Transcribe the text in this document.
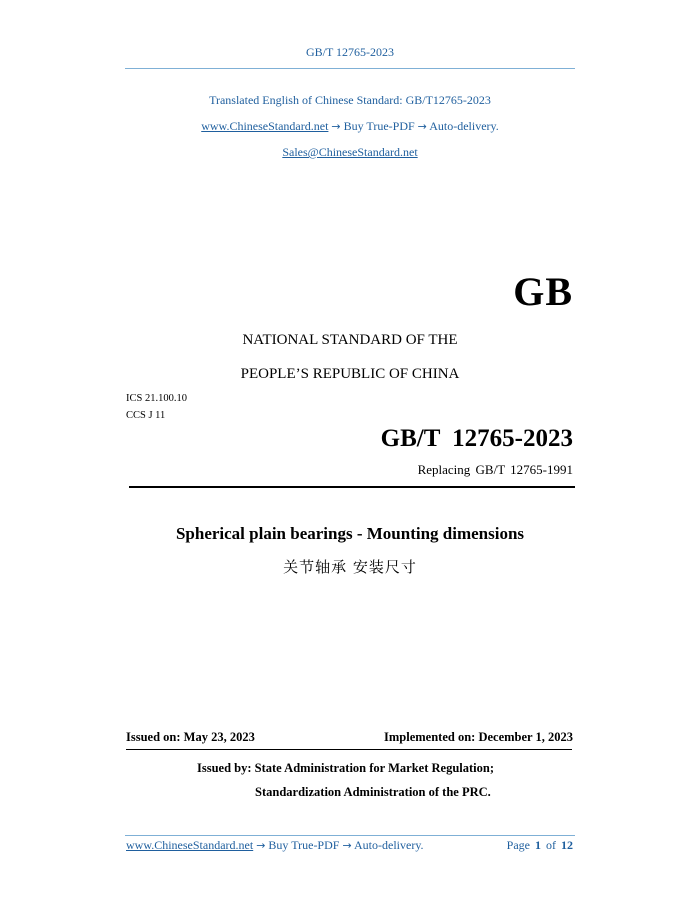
GB/T 12765-2023
Translated English of Chinese Standard: GB/T12765-2023
www.ChineseStandard.net → Buy True-PDF → Auto-delivery.
Sales@ChineseStandard.net
GB
NATIONAL STANDARD OF THE
PEOPLE’S REPUBLIC OF CHINA
ICS 21.100.10
CCS J 11
GB/T 12765-2023
Replacing GB/T 12765-1991
Spherical plain bearings - Mounting dimensions
关节轴承 安装尺寸
Issued on: May 23, 2023	Implemented on: December 1, 2023
Issued by: State Administration for Market Regulation;
Standardization Administration of the PRC.
www.ChineseStandard.net → Buy True-PDF → Auto-delivery.	Page 1 of 12
